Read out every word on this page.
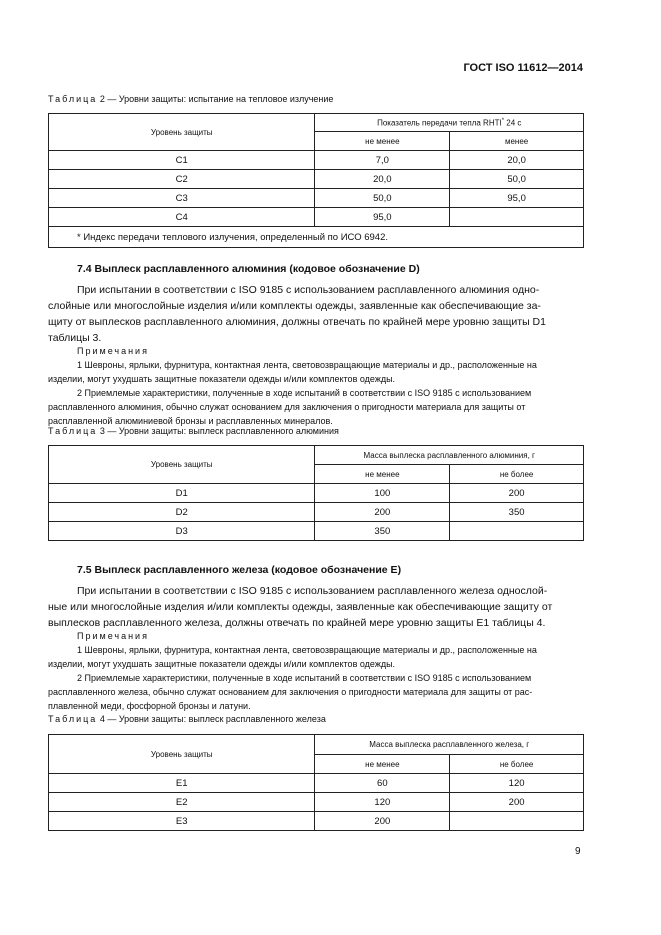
ГОСТ ISO 11612—2014
Таблица 2 — Уровни защиты: испытание на тепловое излучение
Уровень защиты	Показатель передачи тепла RHTI* 24 с	
	не менее	менее
C1	7,0	20,0
C2	20,0	50,0
C3	50,0	95,0
C4	95,0	
* Индекс передачи теплового излучения, определенный по ИСО 6942.		
7.4 Выплеск расплавленного алюминия (кодовое обозначение D)
При испытании в соответствии с ISO 9185 с использованием расплавленного алюминия одно-
слойные или многослойные изделия и/или комплекты одежды, заявленные как обеспечивающие за-
щиту от выплесков расплавленного алюминия, должны отвечать по крайней мере уровню защиты D1
таблицы 3.
Примечания
1 Шевроны, ярлыки, фурнитура, контактная лента, световозвращающие материалы и др., расположенные на
изделии, могут ухудшать защитные показатели одежды и/или комплектов одежды.
2 Приемлемые характеристики, полученные в ходе испытаний в соответствии с ISO 9185 с использованием
расплавленного алюминия, обычно служат основанием для заключения о пригодности материала для защиты от
расплавленной алюминиевой бронзы и расплавленных минералов.
Таблица 3 — Уровни защиты: выплеск расплавленного алюминия
Уровень защиты	Масса выплеска расплавленного алюминия, г	
	не менее	не более
D1	100	200
D2	200	350
D3	350	
7.5 Выплеск расплавленного железа (кодовое обозначение E)
При испытании в соответствии с ISO 9185 с использованием расплавленного железа однослой-
ные или многослойные изделия и/или комплекты одежды, заявленные как обеспечивающие защиту от
выплесков расплавленного железа, должны отвечать по крайней мере уровню защиты E1 таблицы 4.
Примечания
1 Шевроны, ярлыки, фурнитура, контактная лента, световозвращающие материалы и др., расположенные на
изделии, могут ухудшать защитные показатели одежды и/или комплектов одежды.
2 Приемлемые характеристики, полученные в ходе испытаний в соответствии с ISO 9185 с использованием
расплавленного железа, обычно служат основанием для заключения о пригодности материала для защиты от рас-
плавленной меди, фосфорной бронзы и латуни.
Таблица 4 — Уровни защиты: выплеск расплавленного железа
Уровень защиты	Масса выплеска расплавленного железа, г	
	не менее	не более
E1	60	120
E2	120	200
E3	200	
9
